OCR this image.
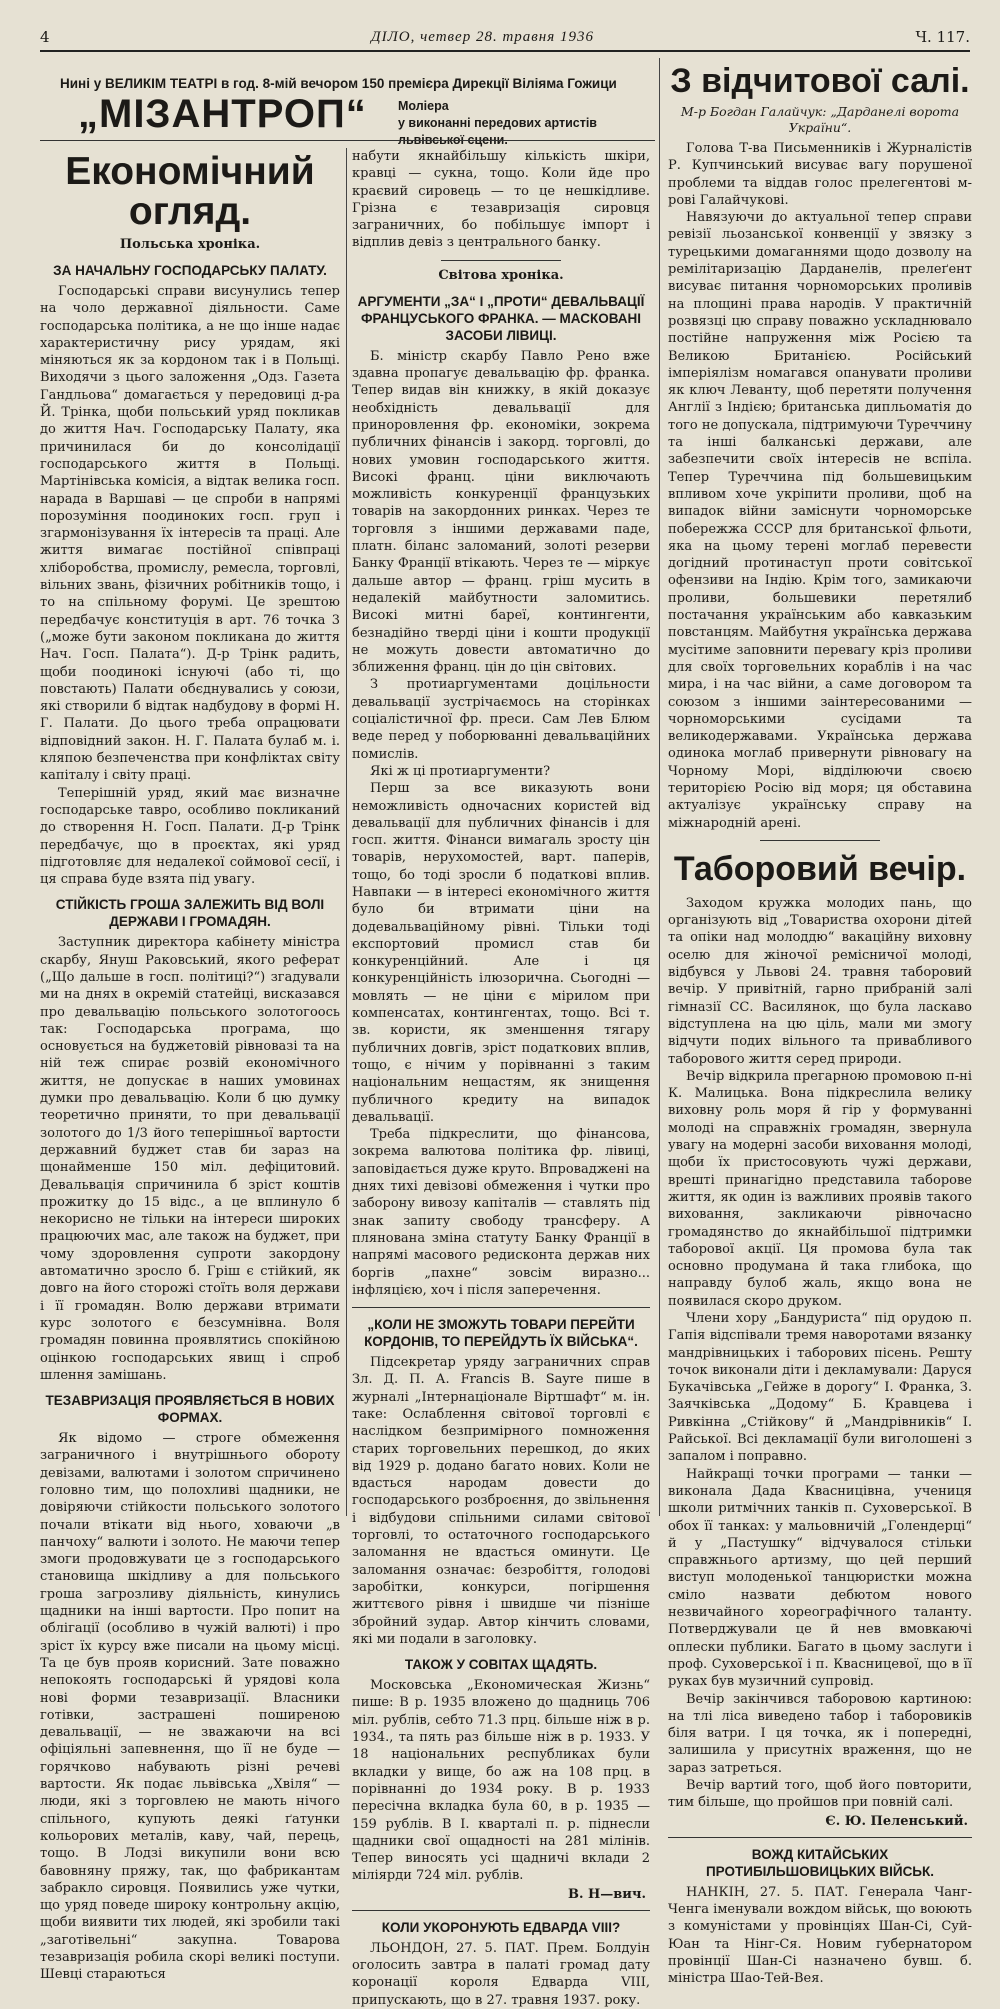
4	ДІЛО, четвер 28. травня 1936	Ч. 117.
Нині у ВЕЛИКІМ ТЕАТРІ в год. 8-мій вечором 150 премієра Дирекції Віліяма Гожици
„МІЗАНТРОП“	Моліера
у виконанні передових артистів львівської сцени.
Економічний огляд.
Польська хроніка.
ЗА НАЧАЛЬНУ ГОСПОДАРСЬКУ ПАЛАТУ.

Господарські справи висунулись тепер на чоло державної діяльности. Саме господарська політика, а не що інше надає характеристичну рису урядам, які міняються як за кордоном так і в Польщі. Виходячи з цього заложення „Одз. Газета Гандльова“ домагається у передовиці д-ра Й. Трінка, щоби польський уряд покликав до життя Нач. Господарську Палату, яка причинилася би до консолідації господарського життя в Польщі. Мартінівська комісія, а відтак велика госп. нарада в Варшаві — це спроби в напрямі порозуміння поодиноких госп. груп і згармонізування їх інтересів та праці. Але життя вимагає постійної співпраці хліборобства, промислу, ремесла, торговлі, вільних звань, фізичних робітників тощо, і то на спільному форумі. Це зрештою передбачує конституція в арт. 76 точка 3 („може бути законом покликана до життя Нач. Госп. Палата“). Д-р Трінк радить, щоби поодинокі існуючі (або ті, що повстають) Палати обєднувались у союзи, які створили б відтак надбудову в формі Н. Г. Палати. До цього треба опрацювати відповідний закон. Н. Г. Палата булаб м. і. кляпою безпеченства при конфліктах світу капіталу і світу праці.

Теперішній уряд, який має визначне господарське тавро, особливо покликаний до створення Н. Госп. Палати. Д-р Трінк передбачує, що в проєктах, які уряд підготовляє для недалекої соймової сесії, і ця справа буде взята під увагу.

СТІЙКІСТЬ ГРОША ЗАЛЕЖИТЬ ВІД ВОЛІ ДЕРЖАВИ І ГРОМАДЯН.

Заступник директора кабінету міністра скарбу, Януш Раковський, якого реферат („Що дальше в госп. політиці?“) згадували ми на днях в окремій статейці, висказався про девальвацію польського золотогоось так: Господарська програма, що основується на буджетовій рівновазі та на ній теж спирає розвій економічного життя, не допускає в наших умовинах думки про девальвацію. Коли б цю думку теоретично приняти, то при девальвації золотого до 1/3 його теперішньої вартости державний буджет став би зараз на щонайменше 150 міл. дефіцитовий. Девальвація спричинила б зріст коштів прожитку до 15 відс., а це вплинуло б некорисно не тільки на інтереси широких працюючих мас, але також на буджет, при чому здоровлення супроти закордону автоматично зросло б. Гріш є стійкий, як довго на його сторожі стоїть воля держави і її громадян. Волю держави втримати курс золотого є безсумнівна. Воля громадян повинна проявлятись спокійною оцінкою господарських явищ і спроб шлення замішань.

ТЕЗАВРИЗАЦІЯ ПРОЯВЛЯЄТЬСЯ В НОВИХ ФОРМАХ.

Як відомо — строге обмеження заграничного і внутрішнього обороту девізами, валютами і золотом спричинено головно тим, що полохливі щадники, не довіряючи стійкости польського золотого почали втікати від нього, ховаючи „в панчоху“ валюти і золото. Не маючи тепер змоги продовжувати це з господарського становища шкідливу а для польського гроша загрозливу діяльність, кинулись щадники на інші вартости. Про попит на облігації (особливо в чужій валюті) і про зріст їх курсу вже писали на цьому місці. Та це був прояв корисний. Зате поважно непокоять господарські й урядові кола нові форми тезавризації. Власники готівки, застрашені поширеною девальвації, — не зважаючи на всі офіціяльні запевнення, що її не буде — горячково набувають різні речеві вартости. Як подає львівська „Хвіля“ — люди, які з торговлею не мають нічого спільного, купують деякі ґатунки кольорових металів, каву, чай, перець, тощо. В Лодзі викупили вони всю бавовняну пряжу, так, що фабрикантам забракло сировця. Появились уже чутки, що уряд поведе широку контрольну акцію, щоби виявити тих людей, які зробили такі „заготівельні“ закупна. Товарова тезавризація робила скорі великі поступи. Шевці стараються

набути якнайбільшу кількість шкіри, кравці — сукна, тощо. Коли йде про краєвий сировець — то це нешкідливе. Грізна є тезавризація сировця заграничних, бо побільшує імпорт і відплив девіз з центрального банку.

Світова хроніка.
АРГУМЕНТИ „ЗА“ І „ПРОТИ“ ДЕВАЛЬВАЦІЇ ФРАНЦУСЬКОГО ФРАНКА. — МАСКОВАНІ ЗАСОБИ ЛІВИЦІ.

Б. міністр скарбу Павло Рено вже здавна пропагує девальвацію фр. франка. Тепер видав він книжку, в якій доказує необхідність девальвації для приноровлення фр. економіки, зокрема публичних фінансів і закорд. торговлі, до нових умовин господарського життя. Високі франц. ціни виключають можливість конкуренції французьких товарів на закордонних ринках. Через те торговля з іншими державами паде, платн. біланс заломаний, золоті резерви Банку Франції втікають. Через те — міркує дальше автор — франц. гріш мусить в недалекій майбутности заломитись. Високі митні бареї, контингенти, безнадійно тверді ціни і кошти продукції не можуть довести автоматично до зближення франц. цін до цін світових.

З протиаргументами доцільности девальвації зустрічаємось на сторінках соціалістичної фр. преси. Сам Лев Блюм веде перед у поборюванні девальваційних помислів.

Які ж ці протиаргументи?

Перш за все виказують вони неможливість одночасних користей від девальвації для публичних фінансів і для госп. життя. Фінанси вимагаль зросту цін товарів, нерухомостей, варт. паперів, тощо, бо тоді зросли б податкові вплив. Навпаки — в інтересі економічного життя було би втримати ціни на додевальваційному рівні. Тільки тоді експортовий промисл став би конкуренційний. Але і ця конкуренційність ілюзорична. Сьогодні — мовлять — не ціни є мірилом при компенсатах, контингентах, тощо. Всі т. зв. користи, як зменшення тягару публичних довгів, зріст податкових вплив, тощо, є нічим у порівнанні з таким національним нещастям, як знищення публичного кредиту на випадок девальвації.

Треба підкреслити, що фінансова, зокрема валютова політика фр. лівиці, заповідається дуже круто. Впроваджені на днях тихі девізові обмеження і чутки про заборону вивозу капіталів — ставлять під знак запиту свободу трансферу. А плянована зміна статуту Банку Франції в напрямі масового редисконта держав них боргів „пахне“ зовсім виразно... інфляцією, хоч і після заперечення.

„КОЛИ НЕ ЗМОЖУТЬ ТОВАРИ ПЕРЕЙТИ КОРДОНІВ, ТО ПЕРЕЙДУТЬ ЇХ ВІЙСЬКА“.

Підсекретар уряду заграничних справ Зл. Д. П. А. Francis B. Sayre пише в журналі „Інтернаціонале Віртшафт“ м. ін. таке: Ослаблення світової торговлі є наслідком безпримірного помноження старих торговельних перешкод, до яких від 1929 р. додано багато нових. Коли не вдасться народам довести до господарського розброєння, до звільнення і відбудови спільними силами світової торговлі, то остаточного господарського заломання не вдасться оминути. Це заломання означає: безробіття, голодові заробітки, конкурси, погіршення життєвого рівня і швидше чи пізніше збройний зудар. Автор кінчить словами, які ми подали в заголовку.

ТАКОЖ У СОВІТАХ ЩАДЯТЬ.

Московська „Економическая Жизнь“ пише: В р. 1935 вложено до щадниць 706 міл. рублів, себто 71.3 прц. більше ніж в р. 1934., та пять раз більше ніж в р. 1933. У 18 національних республиках були вкладки у вище, бо аж на 108 прц. в порівнанні до 1934 року. В р. 1933 пересічна вкладка була 60, в р. 1935 — 159 рублів. В І. кварталі п. р. піднесли щадники свої ощадності на 281 мілінів. Тепер виносять усі щадничі вклади 2 міліярди 724 міл. рублів.

В. Н—вич.
КОЛИ УКОРОНУЮТЬ ЕДВАРДА VIII?

ЛЬОНДОН, 27. 5. ПАТ. Прем. Болдуін оголосить завтра в палаті громад дату коронації короля Едварда VIII, припускають, що в 27. травня 1937. року.

З відчитової салі.
М-р Богдан Галайчук: „Дарданелі ворота України“.

Голова Т-ва Письменників і Журналістів Р. Купчинський висуває вагу порушеної проблеми та віддав голос прелегентові м-рові Галайчукові.

Навязуючи до актуальної тепер справи ревізії льозанської конвенції у звязку з турецькими домаганнями щодо дозволу на ремілітаризацію Дарданелів, прелеґент висуває питання чорноморських проливів на площині права народів. У практичній розвязці цю справу поважно ускладнювало постійне напруження між Росією та Великою Британією. Російський імперіялізм номагався опанувати проливи як ключ Леванту, щоб перетяти получення Англії з Індією; британська дипльоматія до того не допускала, підтримуючи Туреччину та інші балканські держави, але забезпечити своїх інтересів не вспіла. Тепер Туреччина під большевицьким впливом хоче укріпити проливи, щоб на випадок війни заміснути чорноморське побережжа СССР для британської фльоти, яка на цьому терені моглаб перевести догідний протинаступ проти совітської офензиви на Індію. Крім того, замикаючи проливи, большевики перетялиб постачання українським або кавказьким повстанцям. Майбутня українська держава мусітиме заповнити перевагу кріз проливи для своїх торговельних кораблів і на час мира, і на час війни, а саме договором та союзом з іншими заінтересованими — чорноморськими сусідами та великодержавами. Українська держава одинока моглаб привернути рівновагу на Чорному Морі, відділюючи своєю територією Росію від моря; ця обставина актуалізує українську справу на міжнародній арені.

Таборовий вечір.

Заходом кружка молодих пань, що організують від „Товариства охорони дітей та опіки над молоддю“ вакаційну виховну оселю для жіночої ремісничої молоді, відбувся у Львові 24. травня таборовий вечір. У привітній, гарно прибраній залі гімназії СС. Василянок, що була ласкаво відступлена на цю ціль, мали ми змогу відчути подих вільного та привабливого таборового життя серед природи.

Вечір відкрила прегарною промовою п-ні К. Малицька. Вона підкреслила велику виховну роль моря й гір у формуванні молоді на справжніх громадян, звернула увагу на модерні засоби виховання молоді, щоби їх пристосовують чужі держави, врешті принагідно представила таборове життя, як один із важливих проявів такого виховання, закликаючи рівночасно громадянство до якнайбільшої підтримки таборової акції. Ця промова була так основно продумана й така глибока, що направду булоб жаль, якщо вона не появилася скоро друком.

Члени хору „Бандуриста“ під орудою п. Гапія відспівали тремя наворотами вязанку мандрівницьких і таборових пісень. Решту точок виконали діти і декламували: Даруся Букачівська „Гейже в дорогу“ І. Франка, З. Заячківська „Додому“ Б. Кравцева і Ривкінна „Стійкову“ й „Мандрівників“ І. Райської. Всі декламації були виголошені з запалом і поправно.

Найкращі точки програми — танки — виконала Дада Квасницівна, учениця школи ритмічних танків п. Суховерської. В обох її танках: у мальовничій „Голендерці“ й у „Пастушку“ відчувалося стільки справжнього артизму, що цей перший виступ молоденької танцюристки можна сміло назвати дебютом нового незвичайного хореографічного таланту. Потверджували це й нев вмовкаючі оплески публики. Багато в цьому заслуги і проф. Суховерської і п. Квасницевої, що в її руках був музичний супровід.

Вечір закінчився таборовою картиною: на тлі ліса виведено табор і таборовиків біля ватри. І ця точка, як і попередні, залишила у присутніх враження, що не зараз затреться.

Вечір вартий того, щоб його повторити, тим більше, що пройшов при повній салі.

Є. Ю. Пеленський.
ВОЖД КИТАЙСЬКИХ ПРОТИБІЛЬШОВИЦЬКИХ ВІЙСЬК.

НАНКІН, 27. 5. ПАТ. Генерала Чанг-Ченга іменували вождом військ, що воюють з комуністами у провінціях Шан-Сі, Суй-Юан та Нінг-Ся. Новим губернатором провінції Шан-Сі назначено бувш. б. міністра Шао-Тей-Вея.
